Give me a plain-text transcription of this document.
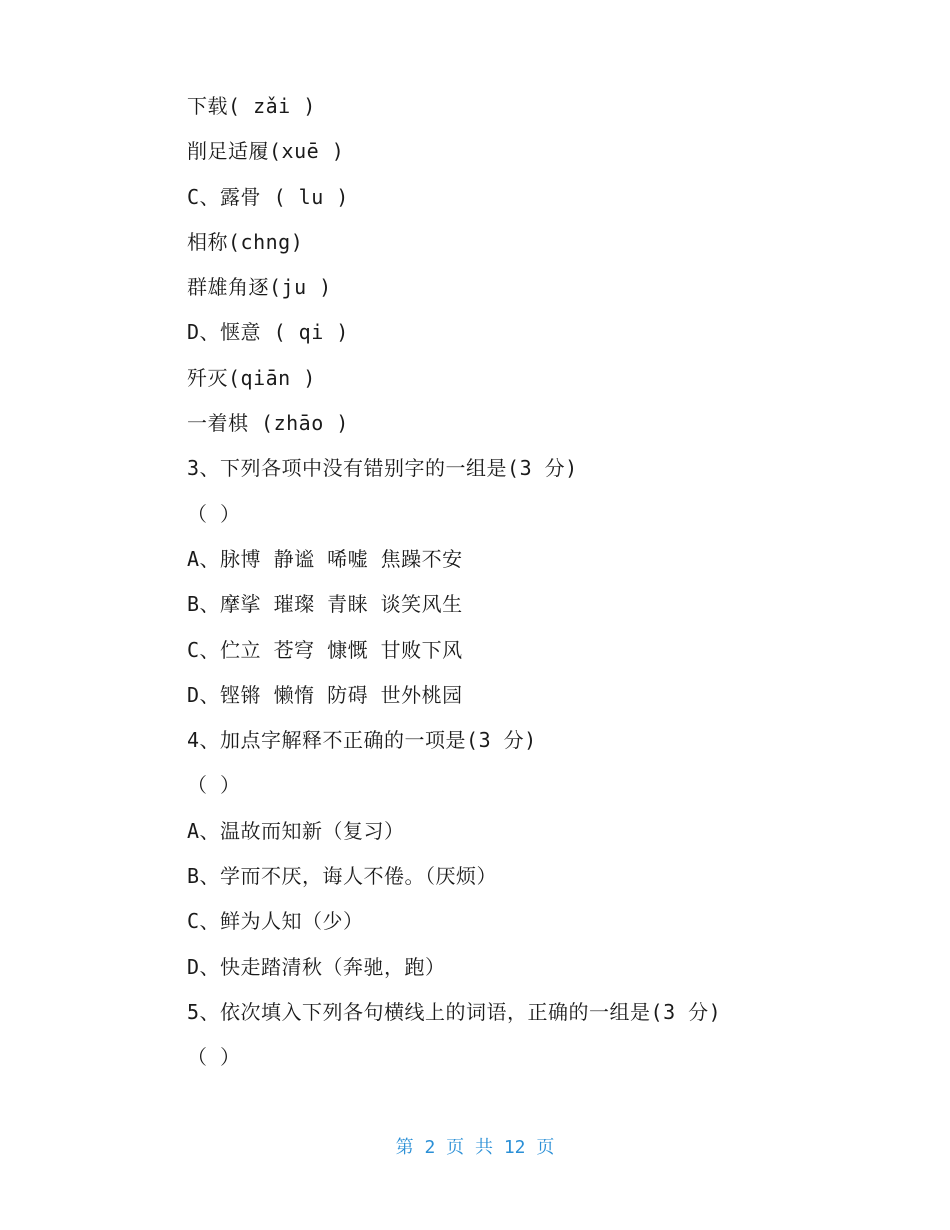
下载( zǎi )
削足适履(xuē )
C、露骨 ( lu )
相称(chng)
群雄角逐(ju )
D、惬意 ( qi )
歼灭(qiān )
一着棋 (zhāo )
3、下列各项中没有错别字的一组是(3 分)
（ ）
A、脉博 静谧 唏嘘 焦躁不安
B、摩挲 璀璨 青睐 谈笑风生
C、伫立 苍穹 慷慨 甘败下风
D、铿锵 懒惰 防碍 世外桃园
4、加点字解释不正确的一项是(3 分)
（ ）
A、温故而知新（复习）
B、学而不厌，诲人不倦。（厌烦）
C、鲜为人知（少）
D、快走踏清秋（奔驰，跑）
5、依次填入下列各句横线上的词语，正确的一组是(3 分)
（ ）
第 2 页 共 12 页
